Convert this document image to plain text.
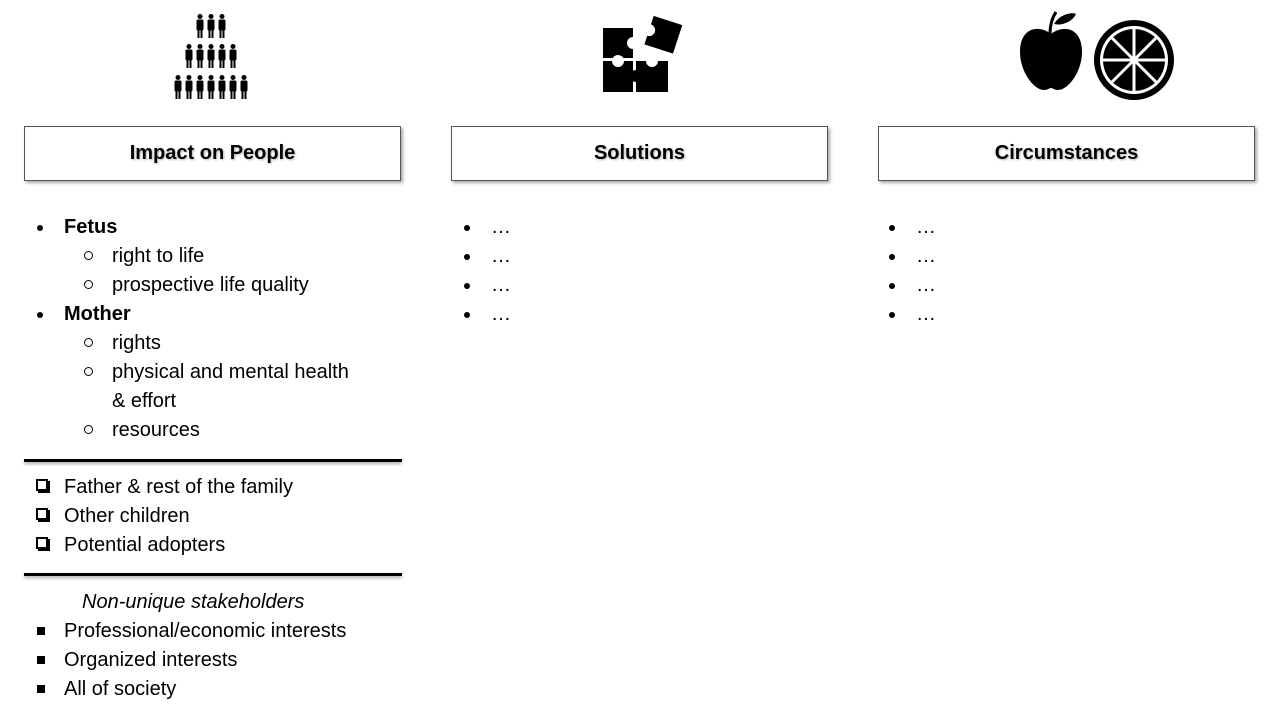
Impact on People	Solutions	Circumstances
Fetus
right to life
prospective life quality
Mother
rights
physical and mental health
& effort
resources
Father & rest of the family
Other children
Potential adopters
Non-unique stakeholders
Professional/economic interests
Organized interests
All of society
…
…
…
…
…
…
…
…
